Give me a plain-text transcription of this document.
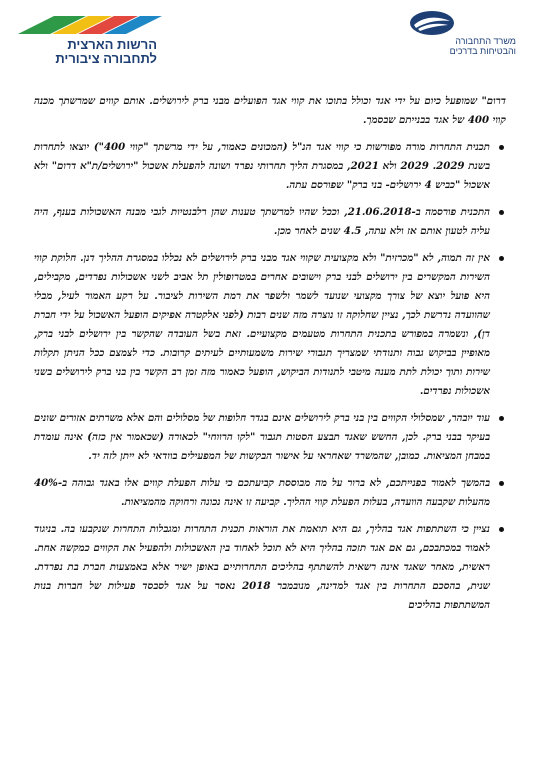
משרד התחבורה
והבטיחות בדרכים
הרשות הארצית
לתחבורה ציבורית

דרום" שמופעל כיום על ידי אגד וכולל בתוכו את קווי אגד הפועלים מבני ברק לירושלים. אותם קווים שמרשתך מכנה קווי 400 של אגד בבנייתם שבסמך.

תכנית התחרות מורה מפורשות כי קווי אגד הנ"ל (המכונים כאמור, על ידי מרשתך "קווי 400") יוצאו לתחרות בשנת 2029. 2029 ולא 2021, במסגרת הליך תחרותי נפרד ושונה להפעלת אשכול "ירושלים/ת"א דרום" ולא אשכול "כביש 4 ירושלים- בני ברק" שפורסם עתה.
התכנית פורסמה ב-21.06.2018, וככל שהיו למרשתך טענות שהן רלבנטיות לגבי מבנה האשכולות בענף, היה עליה לטעון אותם אז ולא עתה, 4.5 שנים לאחר מכן.
אין זה תמוה, לא "מכרזית" ולא מקצועית שקווי אגד מבני ברק לירושלים לא נכללו במסגרת ההליך דנן. חלוקת קווי השירות המקשרים בין ירושלים לבני ברק וישובים אחרים במטרופולין תל אביב לשני אשכולות נפרדים, מקבילים, היא פועל יוצא של צורך מקצועי שנועד לשמר ולשפר את רמת השירות לציבור. על רקע האמור לעיל, מבלי שהוועדה נדרשת לכך, נציין שחלוקה זו נוצרה מזה שנים רבות (לפני אלקטרה אפיקים הופעל האשכול על ידי חברת דן), ונשמרה במפורש בתכנית התחרות מטעמים מקצועיים. זאת בשל העובדה שהקשר בין ירושלים לבני ברק, מאופיין בביקוש גבוה ותנודתי שמצריך תגבורי שירות משמעותיים לעיתים קרובות. כדי לצמצם ככל הניתן תקלות שירות ותוך יכולת לתת מענה מיטבי לתנודות הביקוש, הופעל כאמור מזה זמן רב הקשר בין בני ברק לירושלים בשני אשכולות נפרדים.
עוד יובהר, שמסלולי הקווים בין בני ברק לירושלים אינם בגדר חלופות של מסלולים והם אלא משרתים אזורים שונים בעיקר בבני ברק. לכן, החשש שאגד תבצע הסטות תגבור "לקו הרווחי" לכאורה (שכאמור אין כזה) אינה עומדת במבחן המציאות. כמובן, שהמשרד שאחראי על אישור הבקשות של המפעילים בוודאי לא ייתן לזה יד.
בהמשך לאמור בפנייתכם, לא ברור על מה מבוססת קביעתכם כי עלות הפעלת קווים אלו באגד גבוהה ב-40% מהעלות שקבעה הוועדה, בעלות הפעלת קווי ההליך. קביעה זו אינה נכונה ורחוקה מהמציאות.
נציין כי השתתפות אגד בהליך, גם היא תואמת את הוראות תכנית התחרות ומגבלות התחרות שנקבעו בה. בניגוד לאמור במכתבכם, גם אם אגד תזכה בהליך היא לא תוכל לאחוד בין האשכולות ולהפעיל את הקווים כמקשה אחת. ראשית, מאחר שאגד אינה רשאית להשתתף בהליכים התחרותיים באופן ישיר אלא באמצעות חברת בת נפרדת. שנית, בהסכם התחרות בין אגד למדינה, מנובמבר 2018 נאסר על אגד לסבסד פעילות של חברות בנות המשתתפות בהליכים
